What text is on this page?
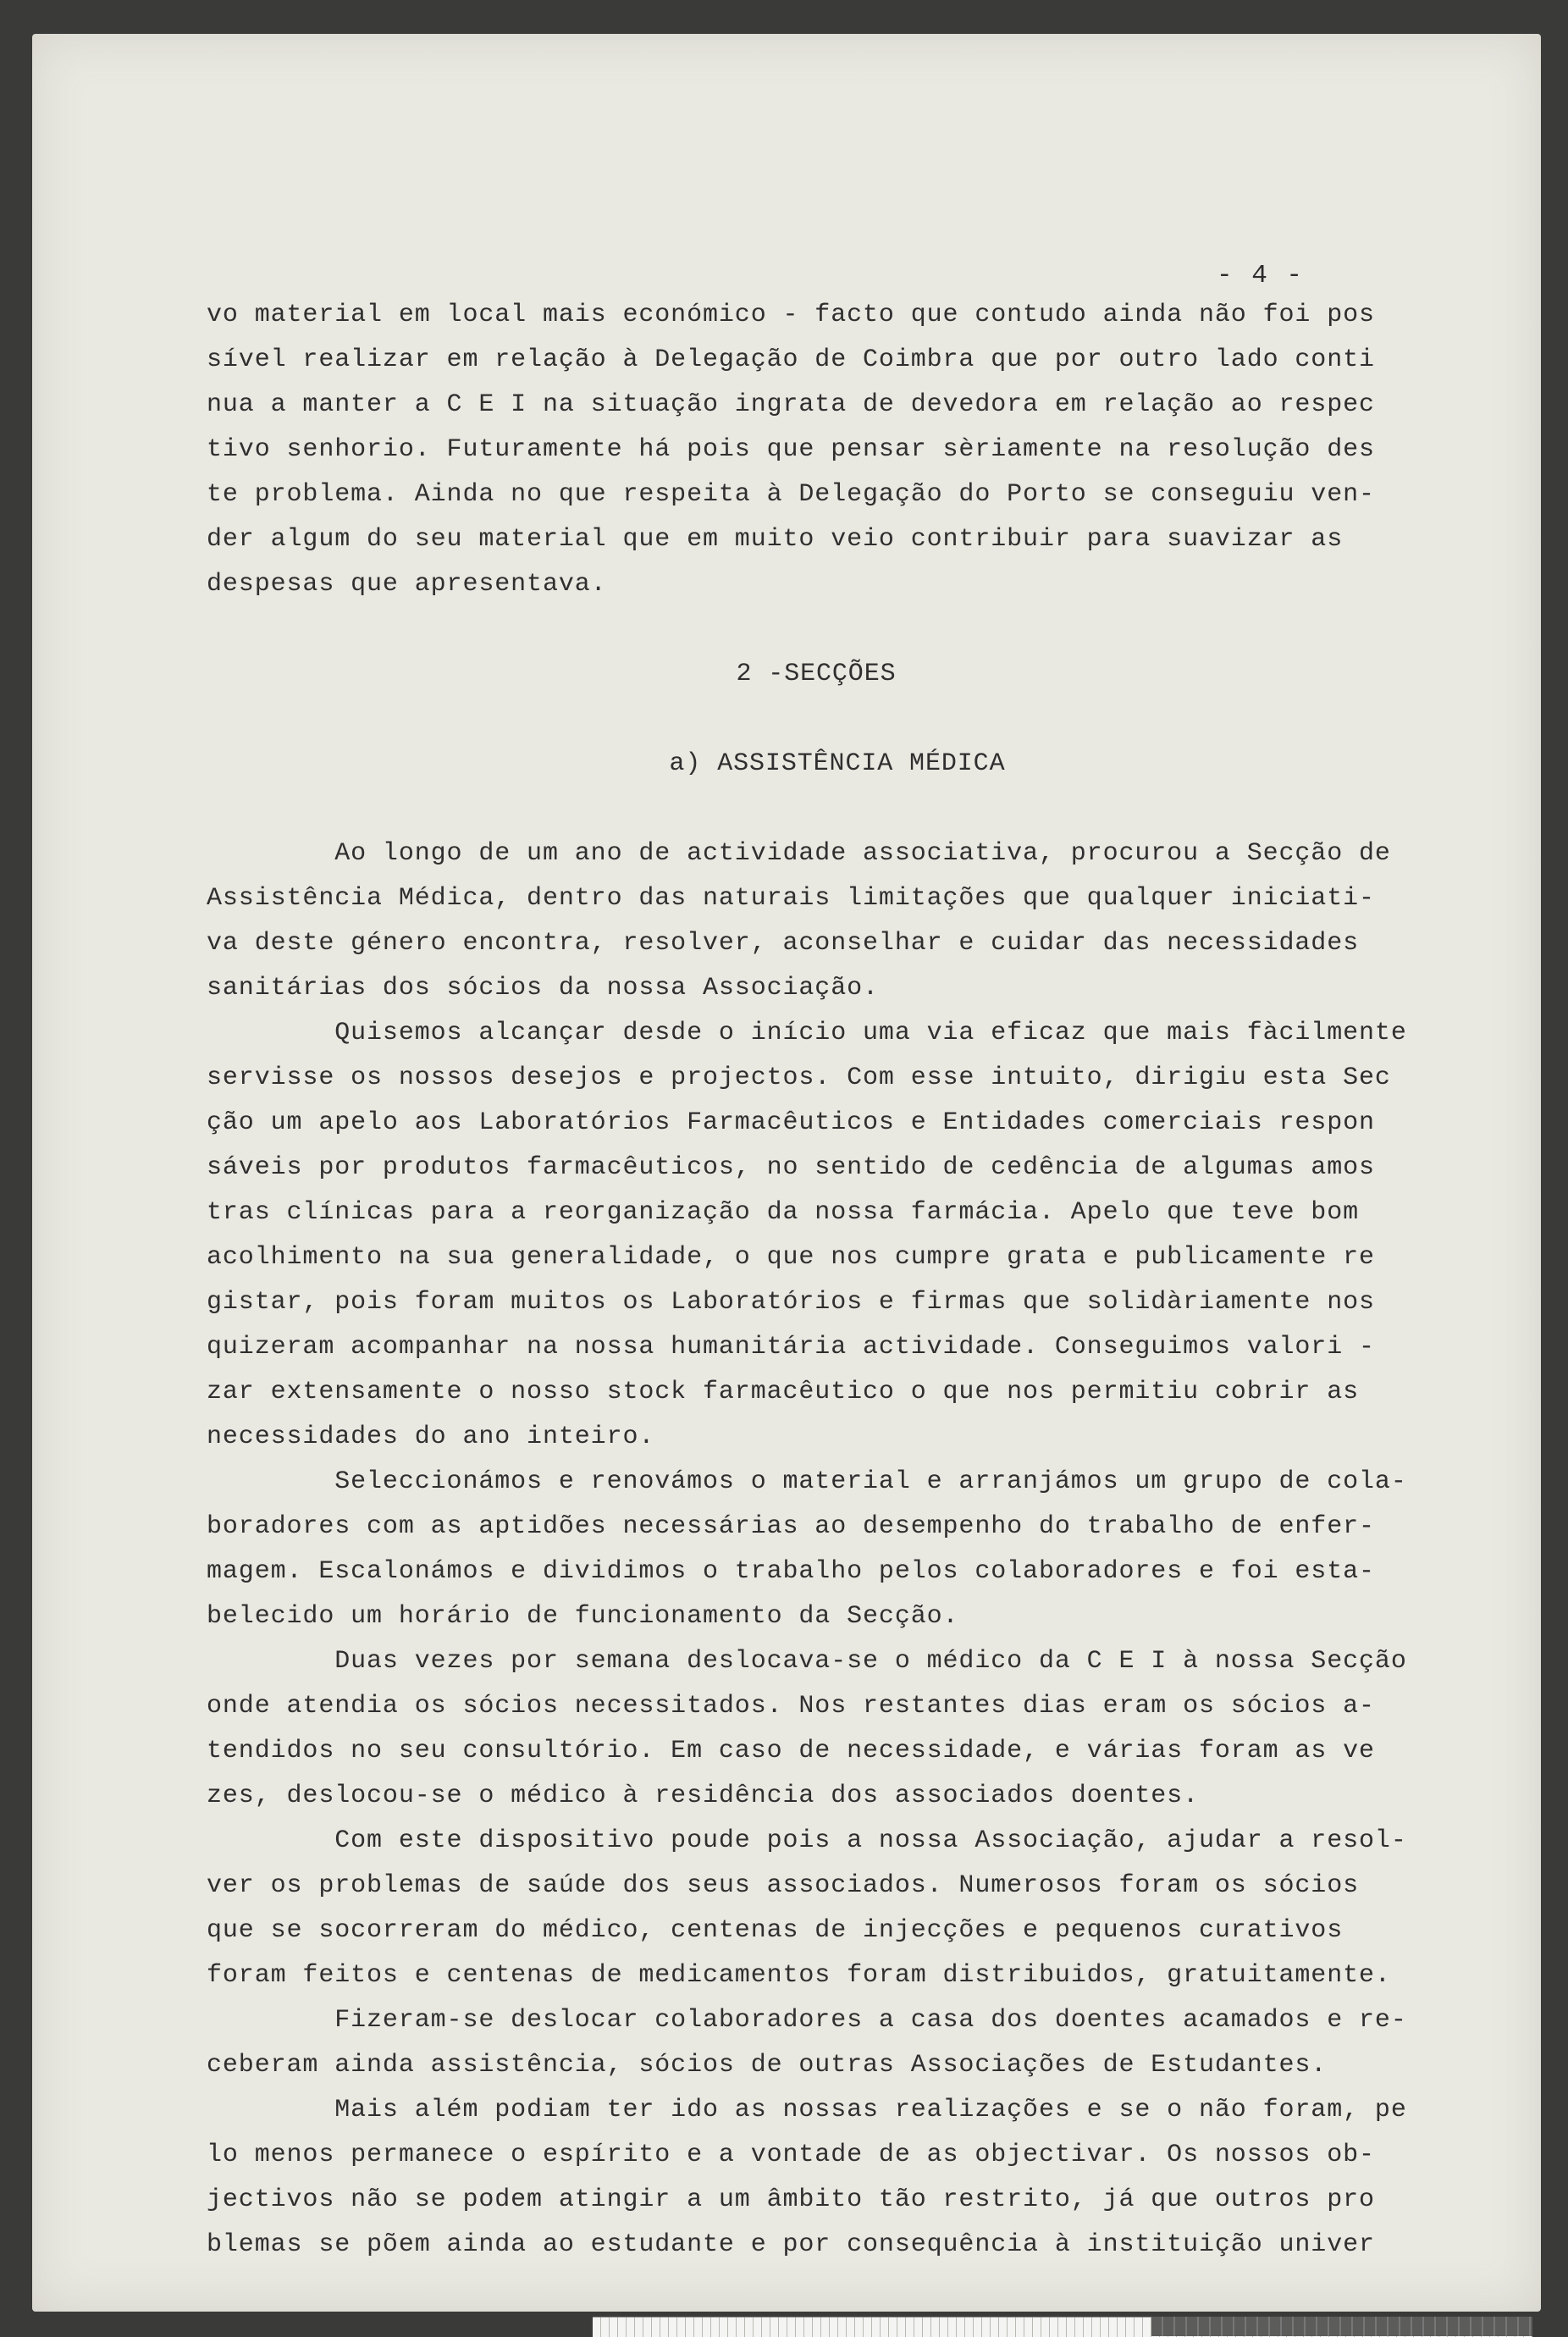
- 4 -
vo material em local mais económico - facto que contudo ainda não foi pos
sível realizar em relação à Delegação de Coimbra que por outro lado conti
nua a manter a C E I na situação ingrata de devedora em relação ao respec
tivo senhorio. Futuramente há pois que pensar sèriamente na resolução des
te problema. Ainda no que respeita à Delegação do Porto se conseguiu ven-
der algum do seu material que em muito veio contribuir para suavizar as
despesas que apresentava.
2 -SECÇÕES
a) ASSISTÊNCIA MÉDICA
Ao longo de um ano de actividade associativa, procurou a Secção de
Assistência Médica, dentro das naturais limitações que qualquer iniciati-
va deste género encontra, resolver, aconselhar e cuidar das necessidades
sanitárias dos sócios da nossa Associação.
Quisemos alcançar desde o início uma via eficaz que mais fàcilmente
servisse os nossos desejos e projectos. Com esse intuito, dirigiu esta Sec
ção um apelo aos Laboratórios Farmacêuticos e Entidades comerciais respon
sáveis por produtos farmacêuticos, no sentido de cedência de algumas amos
tras clínicas para a reorganização da nossa farmácia. Apelo que teve bom
acolhimento na sua generalidade, o que nos cumpre grata e publicamente re
gistar, pois foram muitos os Laboratórios e firmas que solidàriamente nos
quizeram acompanhar na nossa humanitária actividade. Conseguimos valori -
zar extensamente o nosso stock farmacêutico o que nos permitiu cobrir as
necessidades do ano inteiro.
Seleccionámos e renovámos o material e arranjámos um grupo de cola-
boradores com as aptidões necessárias ao desempenho do trabalho de enfer-
magem. Escalonámos e dividimos o trabalho pelos colaboradores e foi esta-
belecido um horário de funcionamento da Secção.
Duas vezes por semana deslocava-se o médico da C E I à nossa Secção
onde atendia os sócios necessitados. Nos restantes dias eram os sócios a-
tendidos no seu consultório. Em caso de necessidade, e várias foram as ve
zes, deslocou-se o médico à residência dos associados doentes.
Com este dispositivo poude pois a nossa Associação, ajudar a resol-
ver os problemas de saúde dos seus associados. Numerosos foram os sócios
que se socorreram do médico, centenas de injecções e pequenos curativos
foram feitos e centenas de medicamentos foram distribuidos, gratuitamente.
Fizeram-se deslocar colaboradores a casa dos doentes acamados e re-
ceberam ainda assistência, sócios de outras Associações de Estudantes.
Mais além podiam ter ido as nossas realizações e se o não foram, pe
lo menos permanece o espírito e a vontade de as objectivar. Os nossos ob-
jectivos não se podem atingir a um âmbito tão restrito, já que outros pro
blemas se põem ainda ao estudante e por consequência à instituição univer
